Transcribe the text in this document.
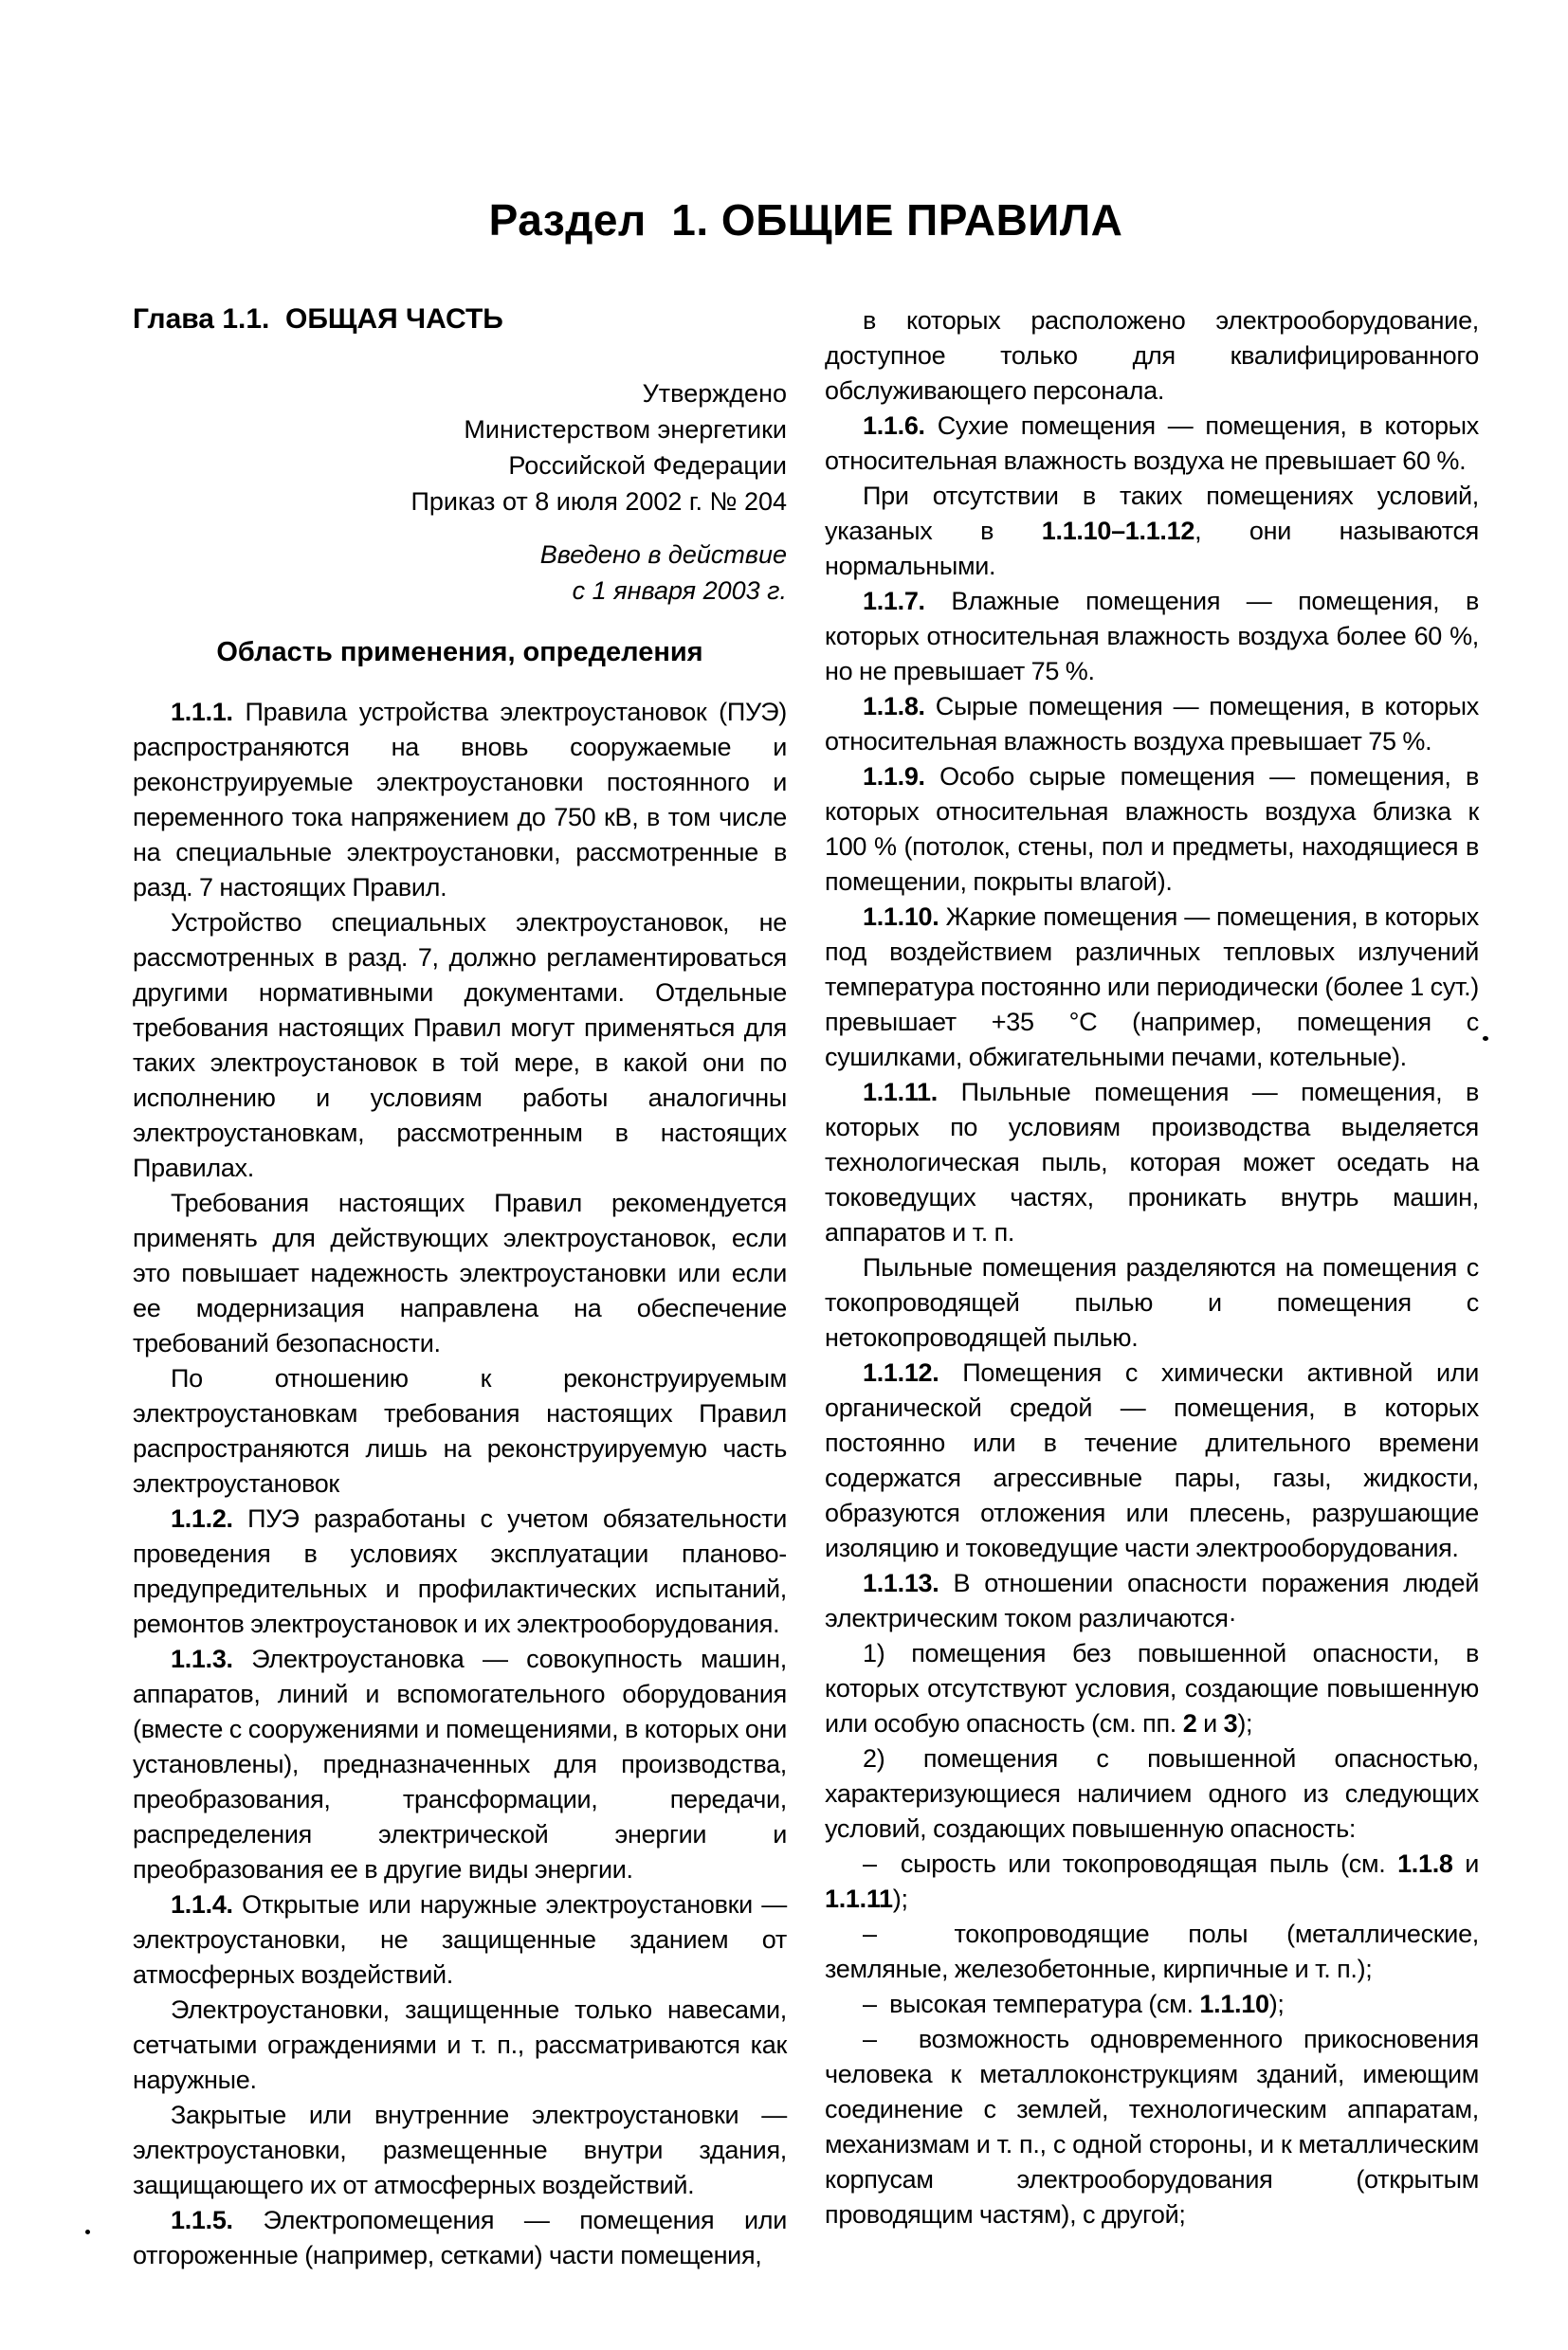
Раздел  1. ОБЩИЕ ПРАВИЛА
Глава 1.1.  ОБЩАЯ ЧАСТЬ
Утверждено
Министерством энергетики
Российской Федерации
Приказ от 8 июля 2002 г. № 204
Введено в действие
с 1 января 2003 г.
Область применения, определения

1.1.1. Правила устройства электроустановок (ПУЭ) распространяются на вновь сооружаемые и реконструируемые электроустановки постоянного и переменного тока напряжением до 750 кВ, в том числе на специальные электроустановки, рассмотренные в разд. 7 настоящих Правил.

Устройство специальных электроустановок, не рассмотренных в разд. 7, должно регламентироваться другими нормативными документами. Отдельные требования настоящих Правил могут применяться для таких электроустановок в той мере, в какой они по исполнению и условиям работы аналогичны электроустановкам, рассмотренным в настоящих Правилах.

Требования настоящих Правил рекомендуется применять для действующих электроустановок, если это повышает надежность электроустановки или если ее модернизация направлена на обеспечение требований безопасности.

По отношению к реконструируемым электроустановкам требования настоящих Правил распространяются лишь на реконструируемую часть электроустановок

1.1.2. ПУЭ разработаны с учетом обязательности проведения в условиях эксплуатации планово-предупредительных и профилактических испытаний, ремонтов электроустановок и их электрооборудования.

1.1.3. Электроустановка — совокупность машин, аппаратов, линий и вспомогательного оборудования (вместе с сооружениями и помещениями, в которых они установлены), предназначенных для производства, преобразования, трансформации, передачи, распределения электрической энергии и преобразования ее в другие виды энергии.

1.1.4. Открытые или наружные электроустановки — электроустановки, не защищенные зданием от атмосферных воздействий.

Электроустановки, защищенные только навесами, сетчатыми ограждениями и т. п., рассматриваются как наружные.

Закрытые или внутренние электроустановки — электроустановки, размещенные внутри здания, защищающего их от атмосферных воздействий.

1.1.5. Электропомещения — помещения или отгороженные (например, сетками) части помещения,

в которых расположено электрооборудование, доступное только для квалифицированного обслуживающего персонала.

1.1.6. Сухие помещения — помещения, в которых относительная влажность воздуха не превышает 60 %.

При отсутствии в таких помещениях условий, указаных в 1.1.10–1.1.12, они называются нормальными.

1.1.7. Влажные помещения — помещения, в которых относительная влажность воздуха более 60 %, но не превышает 75 %.

1.1.8. Сырые помещения — помещения, в которых относительная влажность воздуха превышает 75 %.

1.1.9. Особо сырые помещения — помещения, в которых относительная влажность воздуха близка к 100 % (потолок, стены, пол и предметы, находящиеся в помещении, покрыты влагой).

1.1.10. Жаркие помещения — помещения, в которых под воздействием различных тепловых излучений температура постоянно или периодически (более 1 сут.) превышает +35 °С (например, помещения с сушилками, обжигательными печами, котельные).

1.1.11. Пыльные помещения — помещения, в которых по условиям производства выделяется технологическая пыль, которая может оседать на токоведущих частях, проникать внутрь машин, аппаратов и т. п.

Пыльные помещения разделяются на помещения с токопроводящей пылью и помещения с нетокопроводящей пылью.

1.1.12. Помещения с химически активной или органической средой — помещения, в которых постоянно или в течение длительного времени содержатся агрессивные пары, газы, жидкости, образуются отложения или плесень, разрушающие изоляцию и токоведущие части электрооборудования.

1.1.13. В отношении опасности поражения людей электрическим током различаются·

1) помещения без повышенной опасности, в которых отсутствуют условия, создающие повышенную или особую опасность (см. пп. 2 и 3);

2) помещения с повышенной опасностью, характеризующиеся наличием одного из следующих условий, создающих повышенную опасность:

–  сырость или токопроводящая пыль (см. 1.1.8 и 1.1.11);

–  токопроводящие полы (металлические, земляные, железобетонные, кирпичные и т. п.);

–  высокая температура (см. 1.1.10);

–  возможность одновременного прикосновения человека к металлоконструкциям зданий, имеющим соединение с землей, технологическим аппаратам, механизмам и т. п., с одной стороны, и к металлическим корпусам электрооборудования (открытым проводящим частям), с другой;
